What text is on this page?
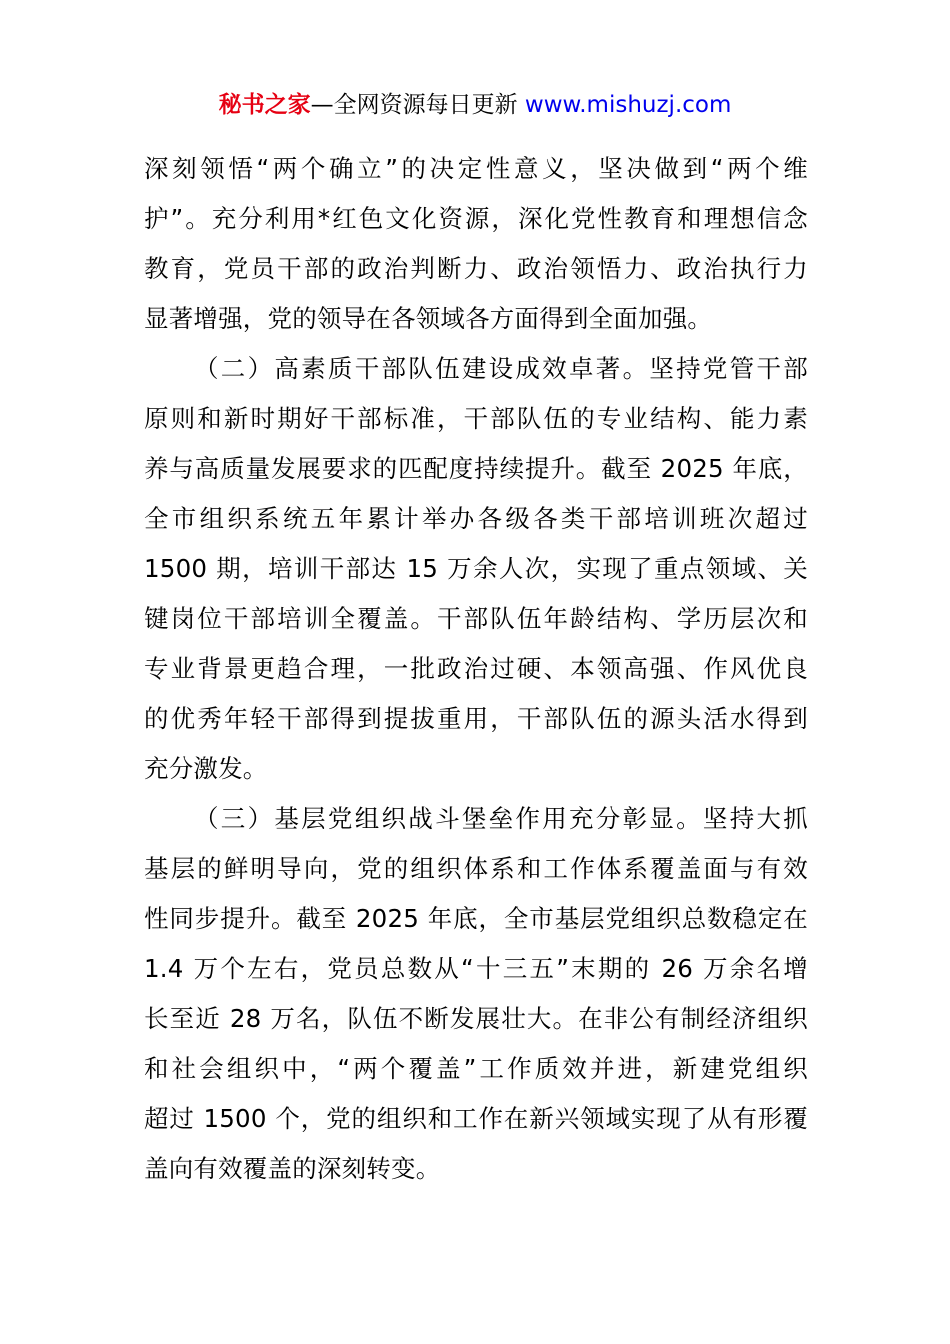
秘书之家—全网资源每日更新 www.mishuzj.com
深刻领悟“两个确立”的决定性意义，坚决做到“两个维
护”。充分利用*红色文化资源，深化党性教育和理想信念
教育，党员干部的政治判断力、政治领悟力、政治执行力
显著增强，党的领导在各领域各方面得到全面加强。
（二）高素质干部队伍建设成效卓著。坚持党管干部
原则和新时期好干部标准，干部队伍的专业结构、能力素
养与高质量发展要求的匹配度持续提升。截至 2025 年底，
全市组织系统五年累计举办各级各类干部培训班次超过
1500 期，培训干部达 15 万余人次，实现了重点领域、关
键岗位干部培训全覆盖。干部队伍年龄结构、学历层次和
专业背景更趋合理，一批政治过硬、本领高强、作风优良
的优秀年轻干部得到提拔重用，干部队伍的源头活水得到
充分激发。
（三）基层党组织战斗堡垒作用充分彰显。坚持大抓
基层的鲜明导向，党的组织体系和工作体系覆盖面与有效
性同步提升。截至 2025 年底，全市基层党组织总数稳定在
1.4 万个左右，党员总数从“十三五”末期的 26 万余名增
长至近 28 万名，队伍不断发展壮大。在非公有制经济组织
和社会组织中，“两个覆盖”工作质效并进，新建党组织
超过 1500 个，党的组织和工作在新兴领域实现了从有形覆
盖向有效覆盖的深刻转变。
